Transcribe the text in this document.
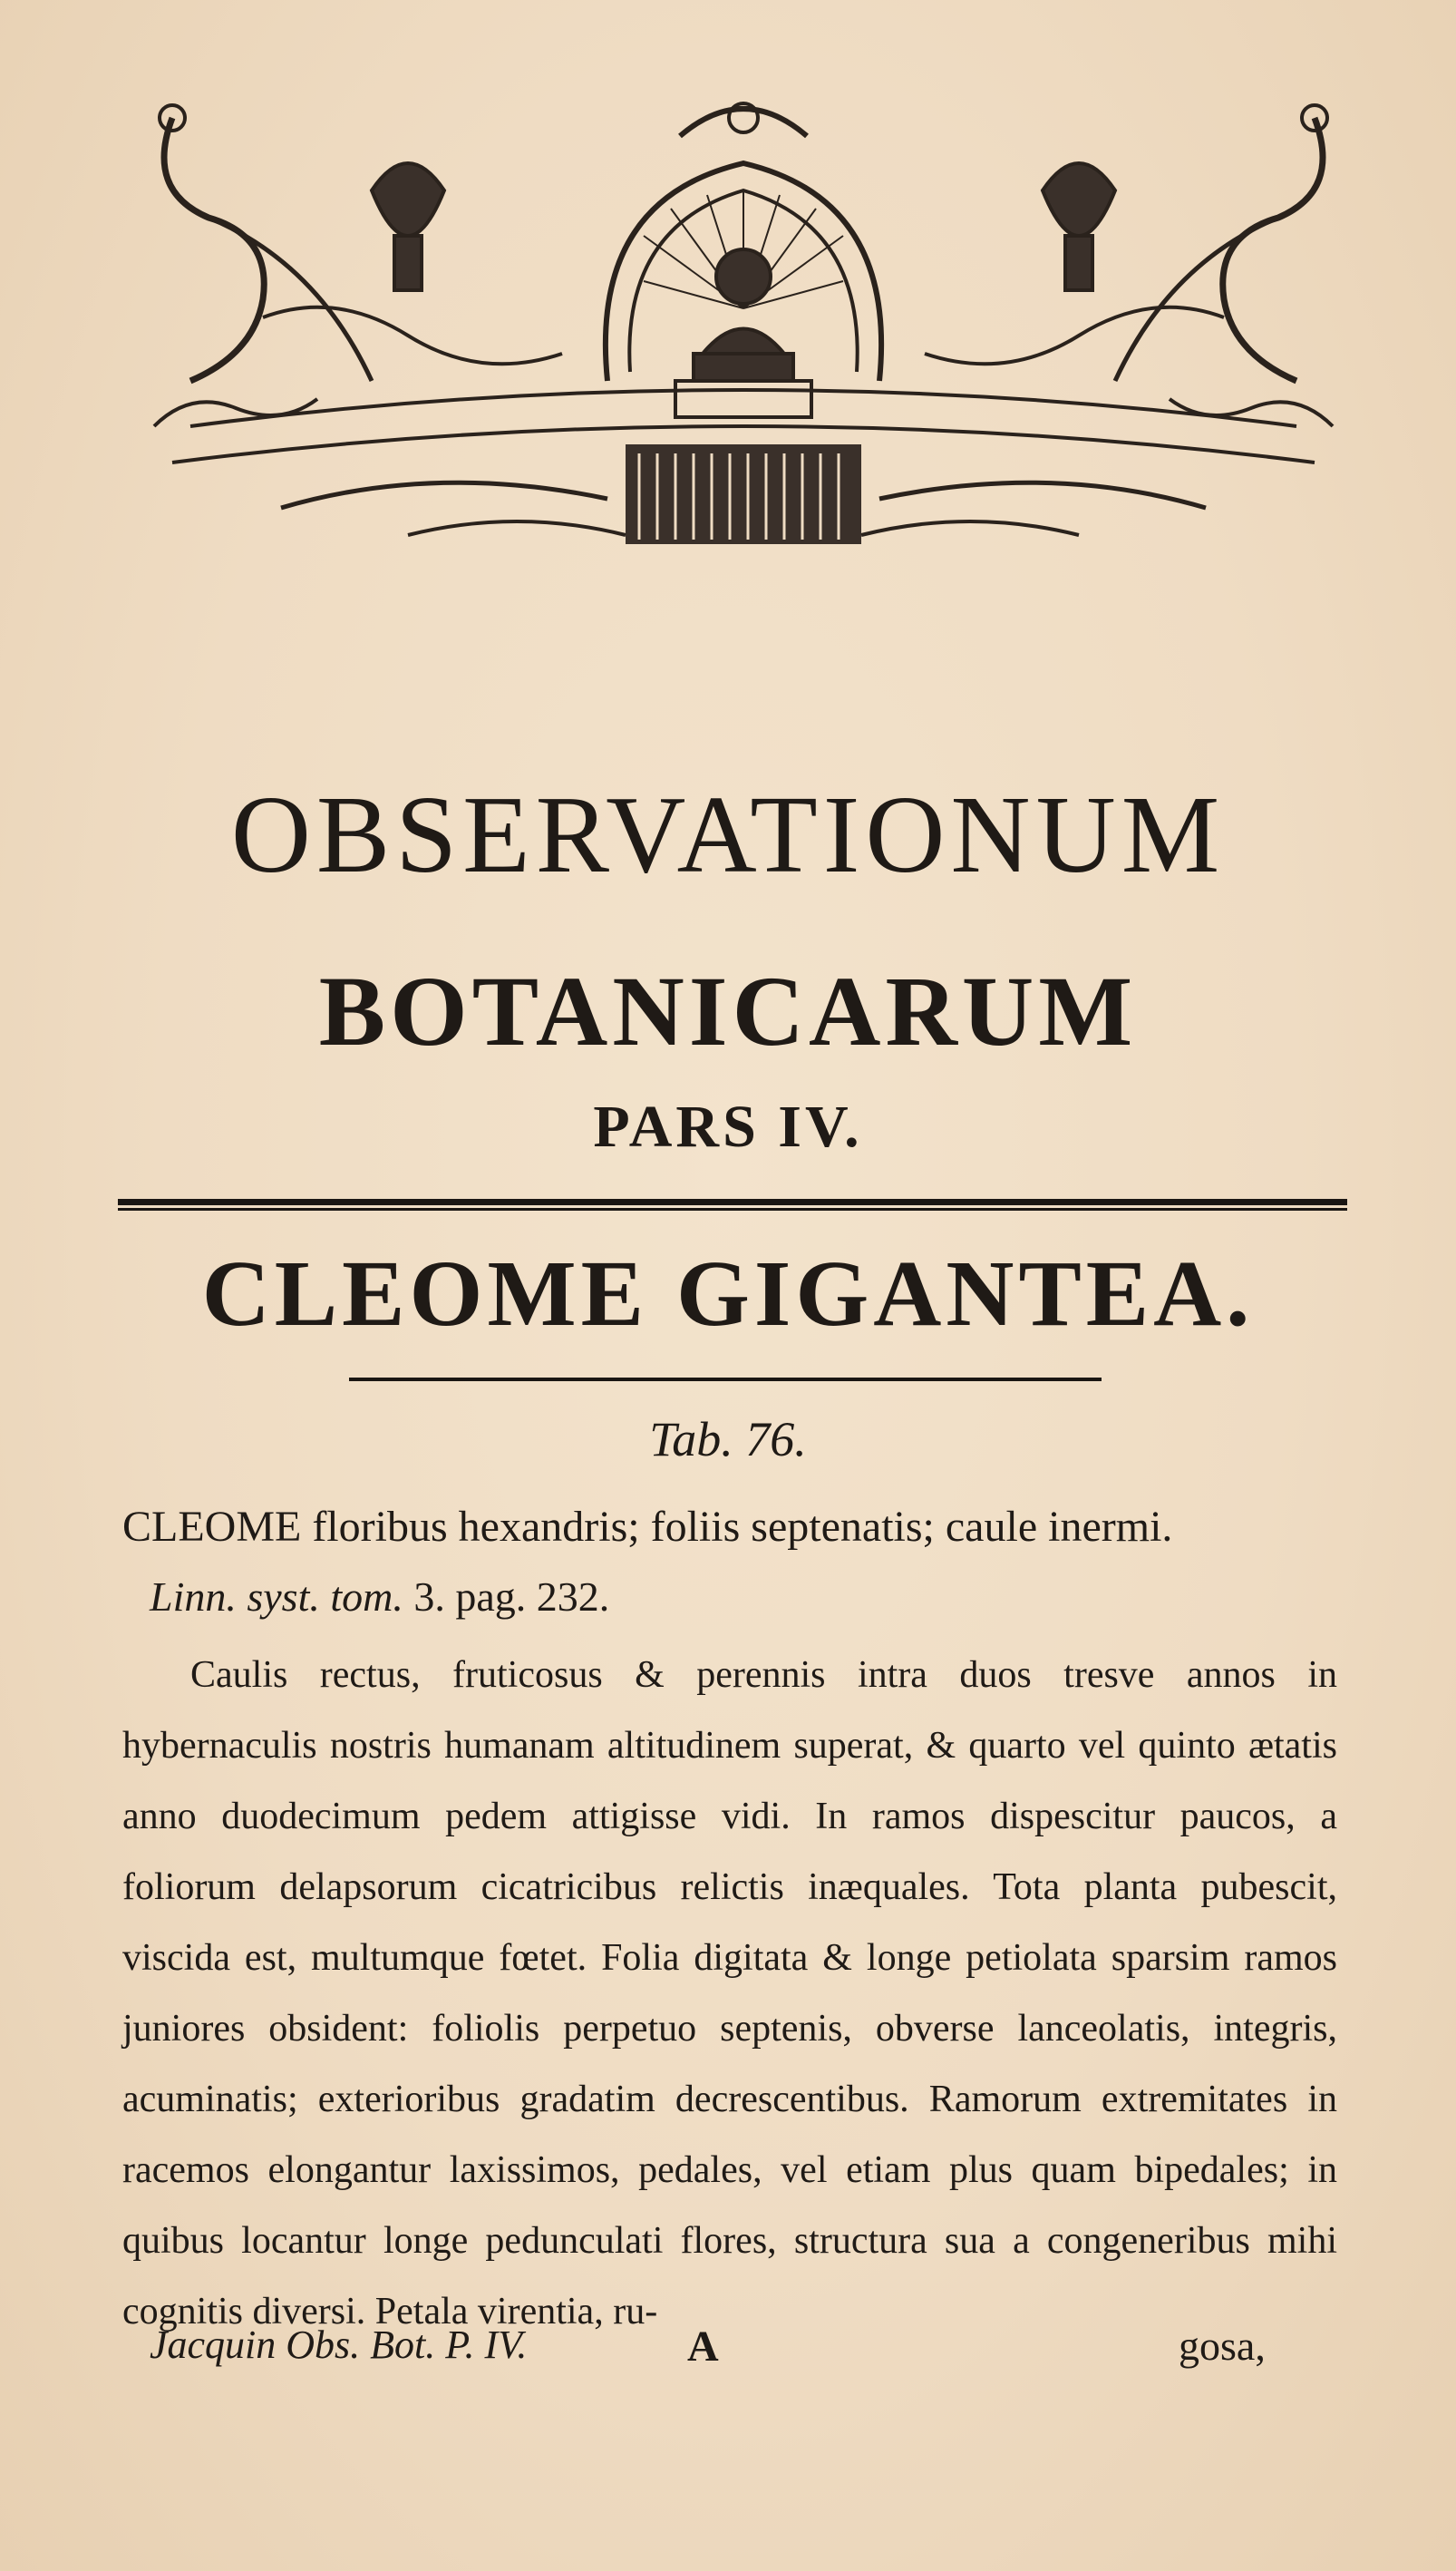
OBSERVATIONUM
BOTANICARUM
PARS IV.
CLEOME GIGANTEA.
Tab. 76.
CLEOME floribus hexandris; foliis septenatis; caule inermi.
Linn. syst. tom. 3. pag. 232.
Caulis rectus, fruticosus & perennis intra duos tresve annos in hybernaculis nostris humanam altitudinem superat, & quarto vel quinto ætatis anno duodecimum pedem attigisse vidi. In ramos dispescitur paucos, a foliorum delapsorum cicatricibus relictis inæquales. Tota planta pubescit, viscida est, multumque fœtet. Folia digitata & longe petiolata sparsim ramos juniores obsident: foliolis perpetuo septenis, obverse lanceolatis, integris, acuminatis; exterioribus gradatim decrescentibus. Ramorum extremitates in racemos elongantur laxissimos, pedales, vel etiam plus quam bipedales; in quibus locantur longe pedunculati flores, structura sua a congeneribus mihi cognitis diversi. Petala virentia, ru-
Jacquin Obs. Bot. P. IV.	A	gosa,
